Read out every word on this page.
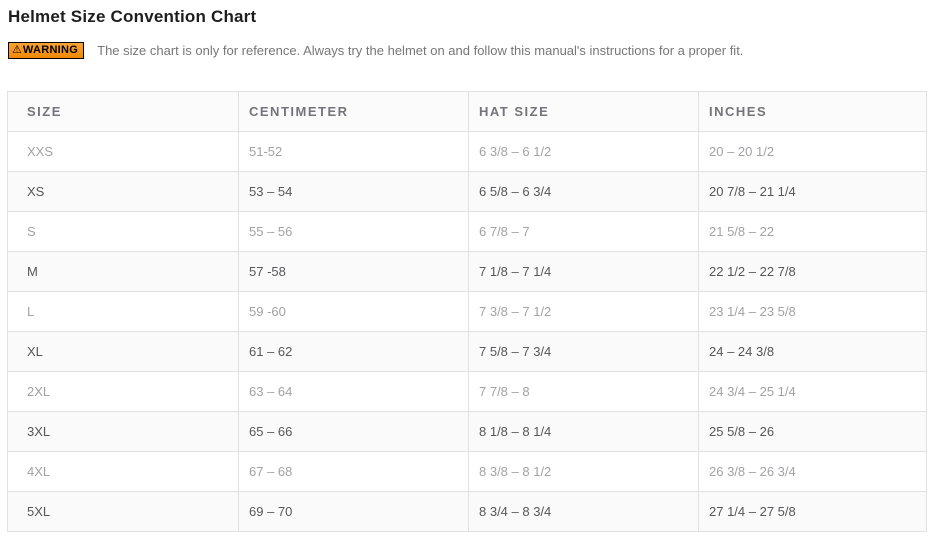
Helmet Size Convention Chart
⚠ WARNING The size chart is only for reference. Always try the helmet on and follow this manual's instructions for a proper fit.
SIZE	CENTIMETER	HAT SIZE	INCHES
XXS	51-52	6 3/8 – 6 1/2	20 – 20 1/2
XS	53 – 54	6 5/8 – 6 3/4	20 7/8 – 21 1/4
S	55 – 56	6 7/8 – 7	21 5/8 – 22
M	57 -58	7 1/8 – 7 1/4	22 1/2 – 22 7/8
L	59 -60	7 3/8 – 7 1/2	23 1/4 – 23 5/8
XL	61 – 62	7 5/8 – 7 3/4	24 – 24 3/8
2XL	63 – 64	7 7/8 – 8	24 3/4 – 25 1/4
3XL	65 – 66	8 1/8 – 8 1/4	25 5/8 – 26
4XL	67 – 68	8 3/8 – 8 1/2	26 3/8 – 26 3/4
5XL	69 – 70	8 3/4 – 8 3/4	27 1/4 – 27 5/8
